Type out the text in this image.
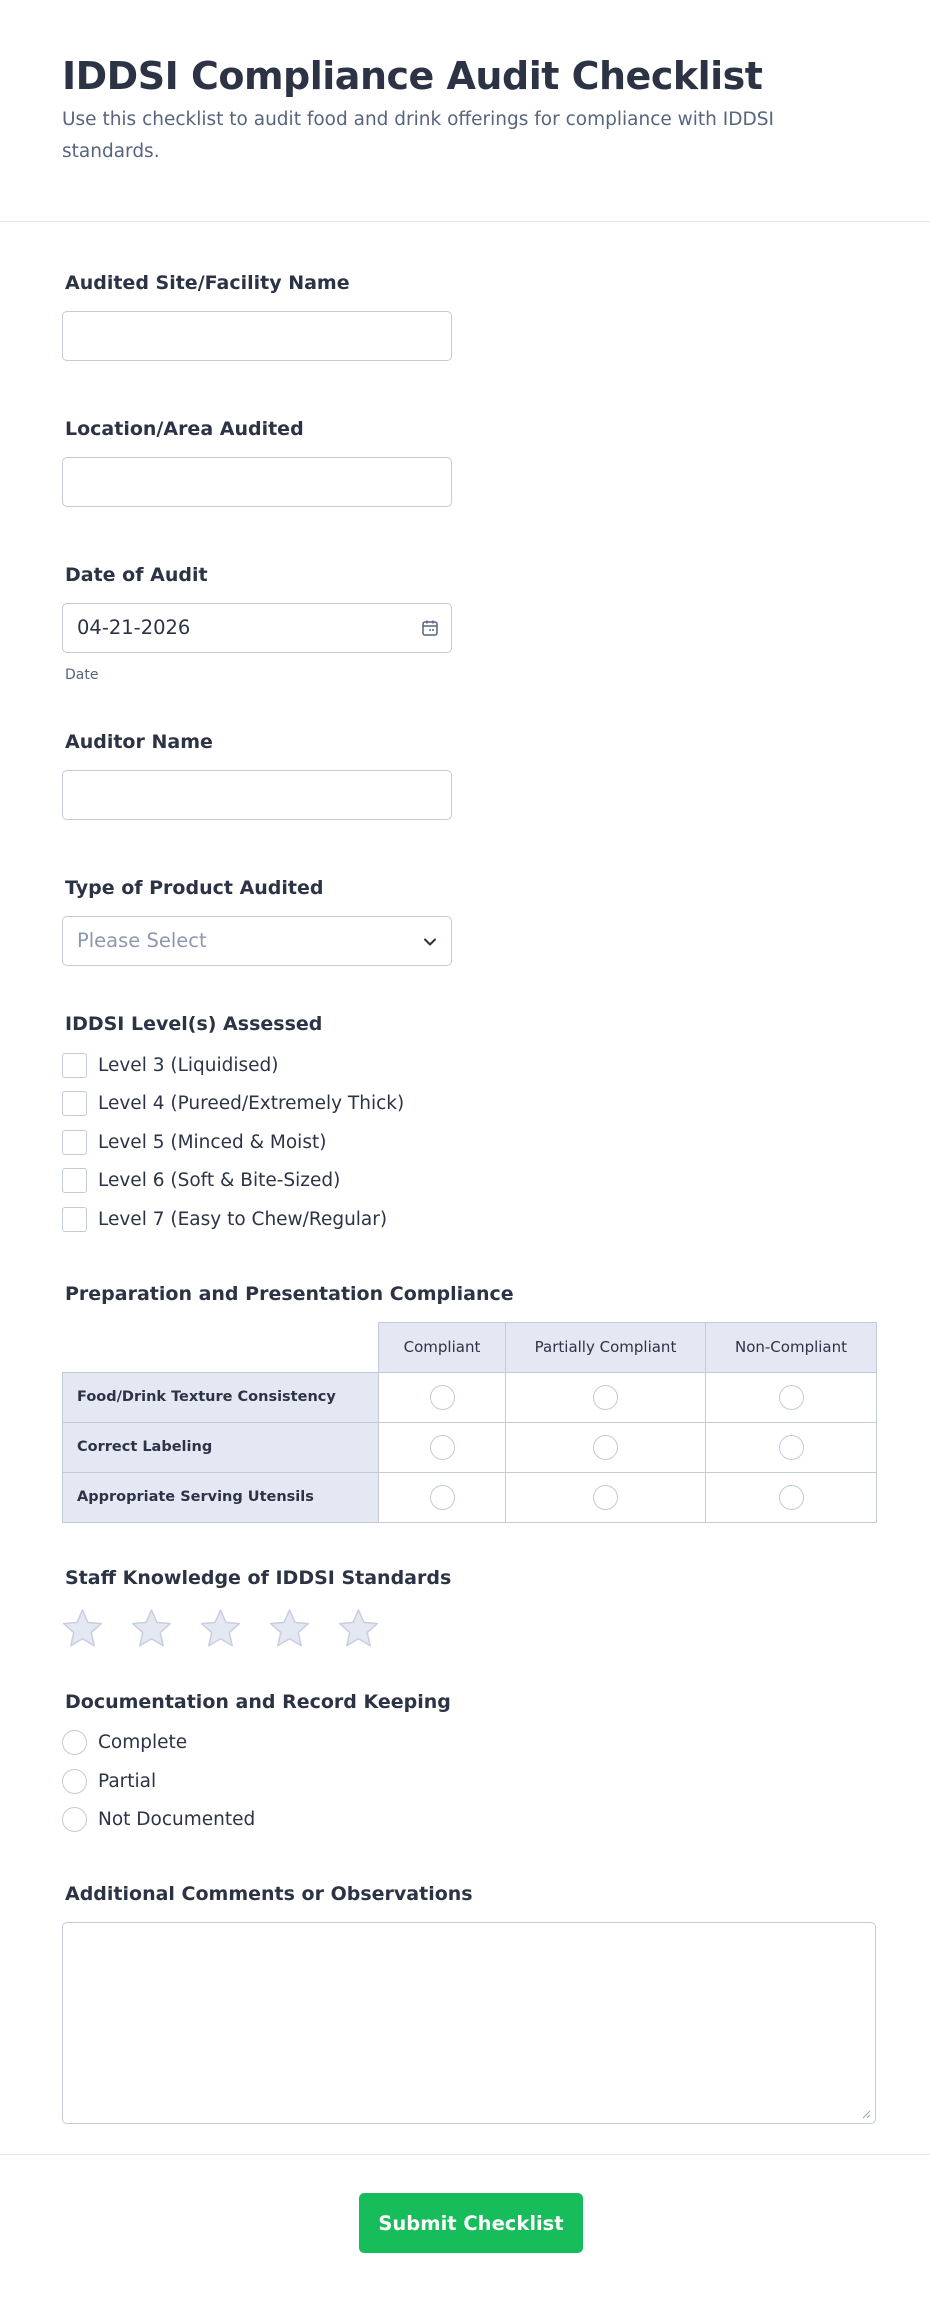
IDDSI Compliance Audit Checklist
Use this checklist to audit food and drink offerings for compliance with IDDSI standards.
Audited Site/Facility Name
Location/Area Audited
Date of Audit
04-21-2026
Date
Auditor Name
Type of Product Audited
Please Select
IDDSI Level(s) Assessed
Level 3 (Liquidised)
Level 4 (Pureed/Extremely Thick)
Level 5 (Minced & Moist)
Level 6 (Soft & Bite-Sized)
Level 7 (Easy to Chew/Regular)
Preparation and Presentation Compliance
	Compliant	Partially Compliant	Non-Compliant
Food/Drink Texture Consistency			
Correct Labeling			
Appropriate Serving Utensils			
Staff Knowledge of IDDSI Standards
Documentation and Record Keeping
Complete
Partial
Not Documented
Additional Comments or Observations
Submit Checklist
